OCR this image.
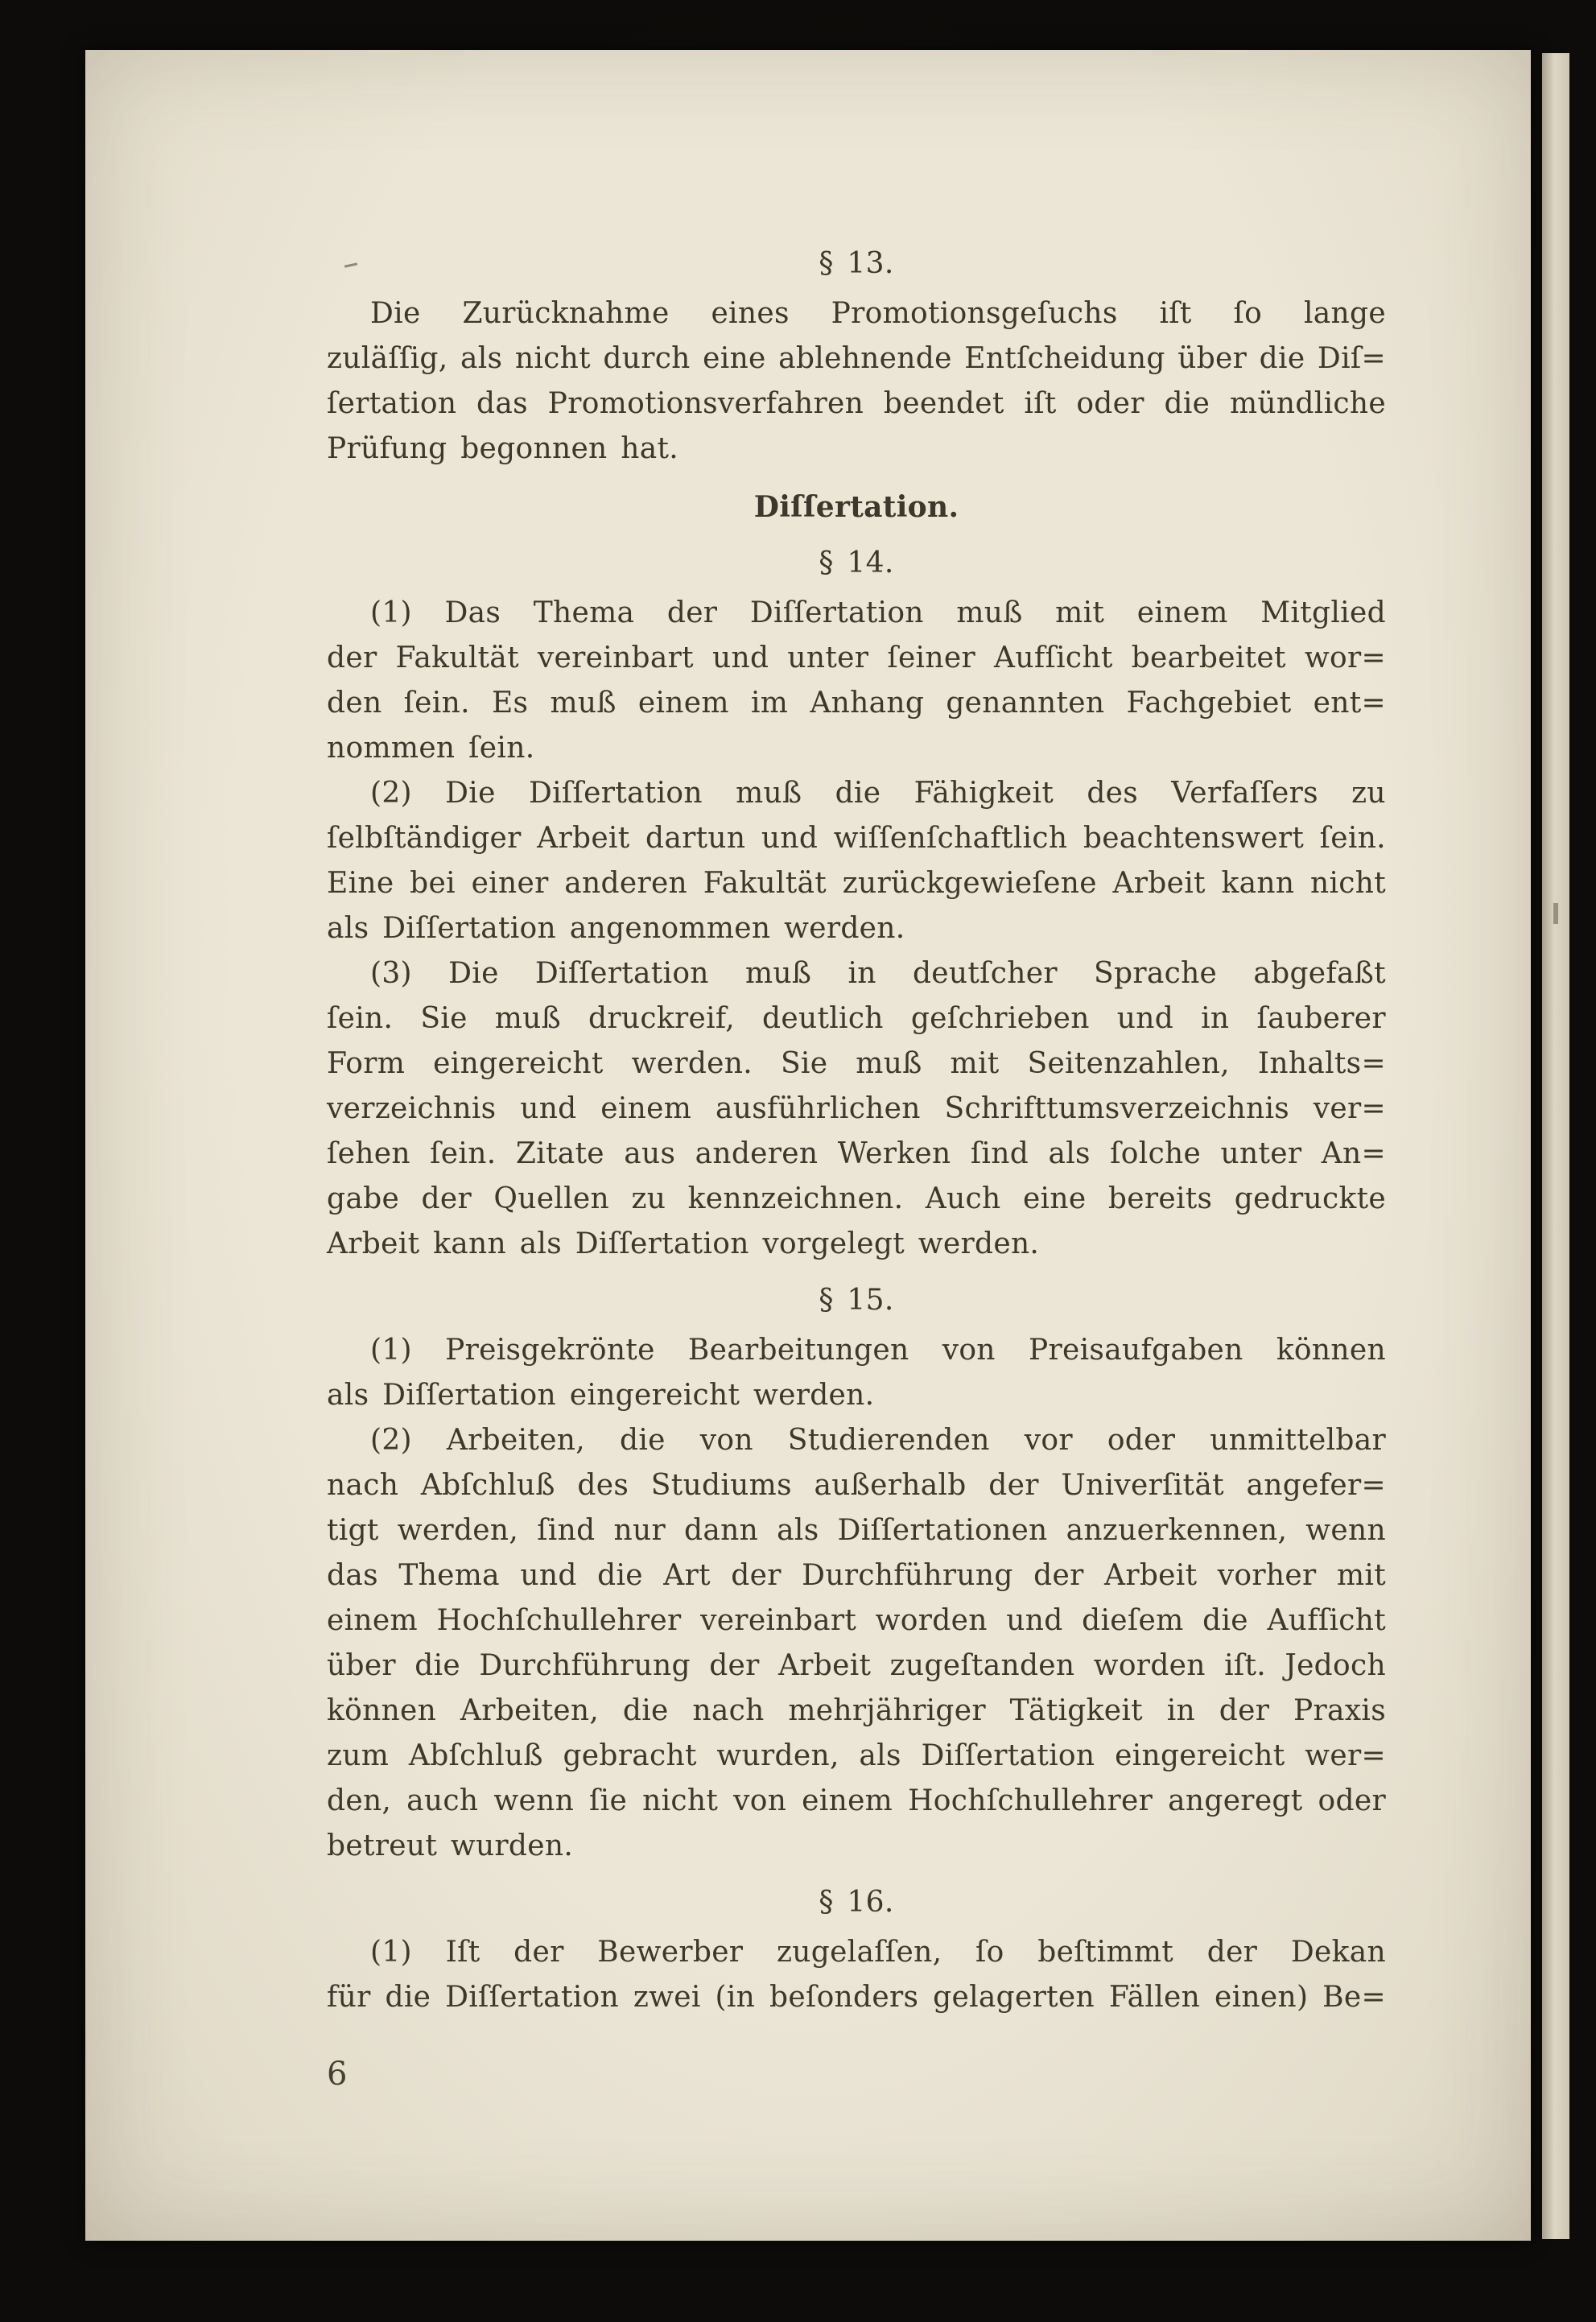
§ 13.
Die Zurücknahme eines Promotionsgeſuchs iſt ſo lange
zuläſſig, als nicht durch eine ablehnende Entſcheidung über die Diſ=
ſertation das Promotionsverfahren beendet iſt oder die mündliche
Prüfung begonnen hat.
Diſſertation.
§ 14.
(1) Das Thema der Diſſertation muß mit einem Mitglied
der Fakultät vereinbart und unter ſeiner Aufſicht bearbeitet wor=
den ſein. Es muß einem im Anhang genannten Fachgebiet ent=
nommen ſein.
(2) Die Diſſertation muß die Fähigkeit des Verfaſſers zu
ſelbſtändiger Arbeit dartun und wiſſenſchaftlich beachtenswert ſein.
Eine bei einer anderen Fakultät zurückgewieſene Arbeit kann nicht
als Diſſertation angenommen werden.
(3) Die Diſſertation muß in deutſcher Sprache abgefaßt
ſein. Sie muß druckreif, deutlich geſchrieben und in ſauberer
Form eingereicht werden. Sie muß mit Seitenzahlen, Inhalts=
verzeichnis und einem ausführlichen Schrifttumsverzeichnis ver=
ſehen ſein. Zitate aus anderen Werken ſind als ſolche unter An=
gabe der Quellen zu kennzeichnen. Auch eine bereits gedruckte
Arbeit kann als Diſſertation vorgelegt werden.
§ 15.
(1) Preisgekrönte Bearbeitungen von Preisaufgaben können
als Diſſertation eingereicht werden.
(2) Arbeiten, die von Studierenden vor oder unmittelbar
nach Abſchluß des Studiums außerhalb der Univerſität angefer=
tigt werden, ſind nur dann als Diſſertationen anzuerkennen, wenn
das Thema und die Art der Durchführung der Arbeit vorher mit
einem Hochſchullehrer vereinbart worden und dieſem die Aufſicht
über die Durchführung der Arbeit zugeſtanden worden iſt. Jedoch
können Arbeiten, die nach mehrjähriger Tätigkeit in der Praxis
zum Abſchluß gebracht wurden, als Diſſertation eingereicht wer=
den, auch wenn ſie nicht von einem Hochſchullehrer angeregt oder
betreut wurden.
§ 16.
(1) Iſt der Bewerber zugelaſſen, ſo beſtimmt der Dekan
für die Diſſertation zwei (in beſonders gelagerten Fällen einen) Be=
6
